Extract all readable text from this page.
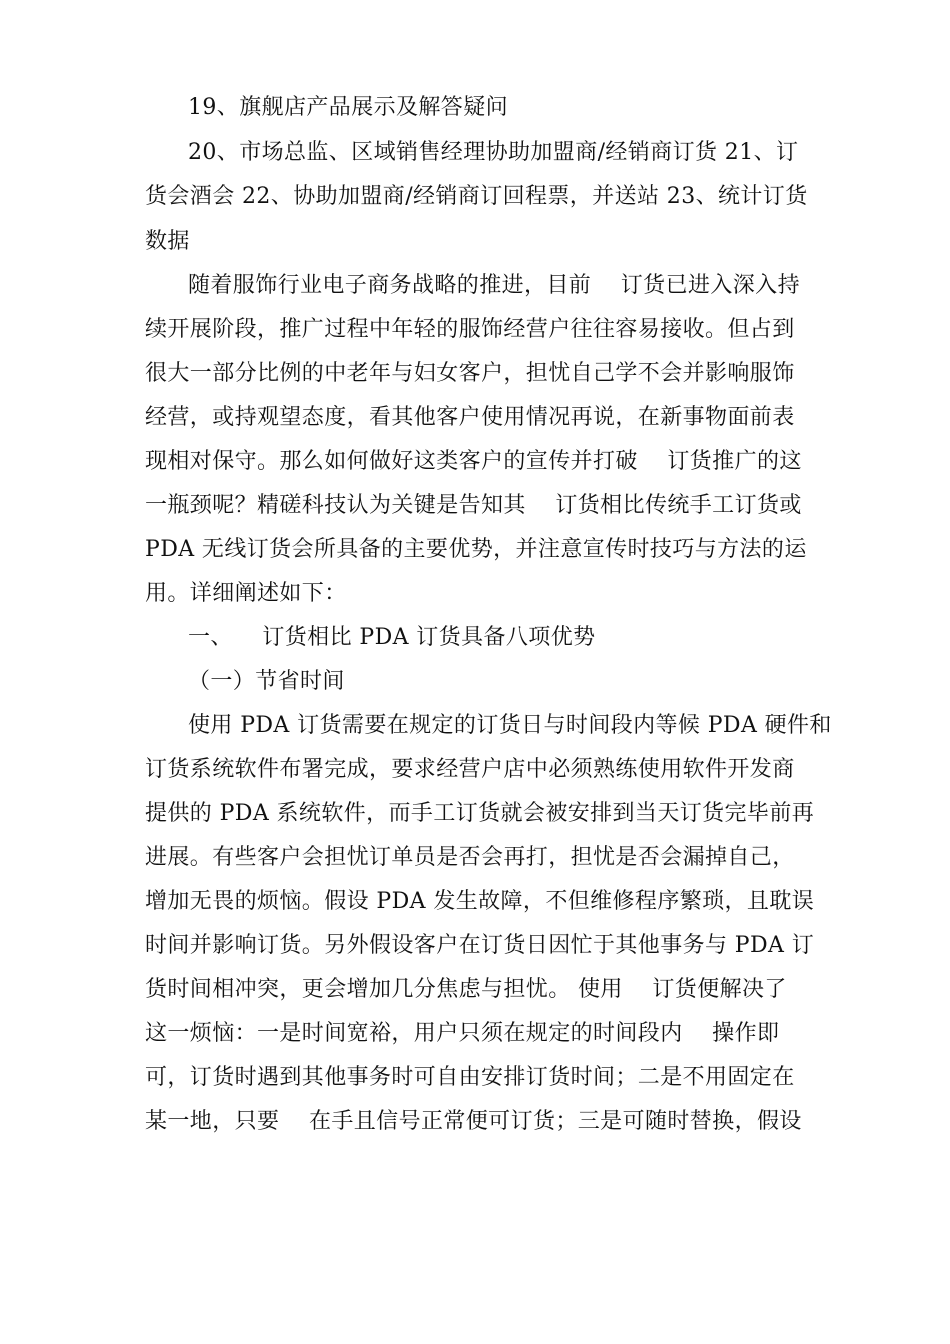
19、旗舰店产品展示及解答疑问
20、市场总监、区域销售经理协助加盟商/经销商订货 21、订
货会酒会 22、协助加盟商/经销商订回程票，并送站 23、统计订货
数据
随着服饰行业电子商务战略的推进，目前    订货已进入深入持
续开展阶段，推广过程中年轻的服饰经营户往往容易接收。但占到
很大一部分比例的中老年与妇女客户，担忧自己学不会并影响服饰
经营，或持观望态度，看其他客户使用情况再说，在新事物面前表
现相对保守。那么如何做好这类客户的宣传并打破    订货推广的这
一瓶颈呢？精磋科技认为关键是告知其    订货相比传统手工订货或
PDA 无线订货会所具备的主要优势，并注意宣传时技巧与方法的运
用。详细阐述如下：
一、    订货相比 PDA 订货具备八项优势
（一）节省时间
使用 PDA 订货需要在规定的订货日与时间段内等候 PDA 硬件和
订货系统软件布署完成，要求经营户店中必须熟练使用软件开发商
提供的 PDA 系统软件，而手工订货就会被安排到当天订货完毕前再
进展。有些客户会担忧订单员是否会再打，担忧是否会漏掉自己，
增加无畏的烦恼。假设 PDA 发生故障，不但维修程序繁琐，且耽误
时间并影响订货。另外假设客户在订货日因忙于其他事务与 PDA 订
货时间相冲突，更会增加几分焦虑与担忧。 使用    订货便解决了
这一烦恼：一是时间宽裕，用户只须在规定的时间段内    操作即
可，订货时遇到其他事务时可自由安排订货时间；二是不用固定在
某一地，只要    在手且信号正常便可订货；三是可随时替换，假设
